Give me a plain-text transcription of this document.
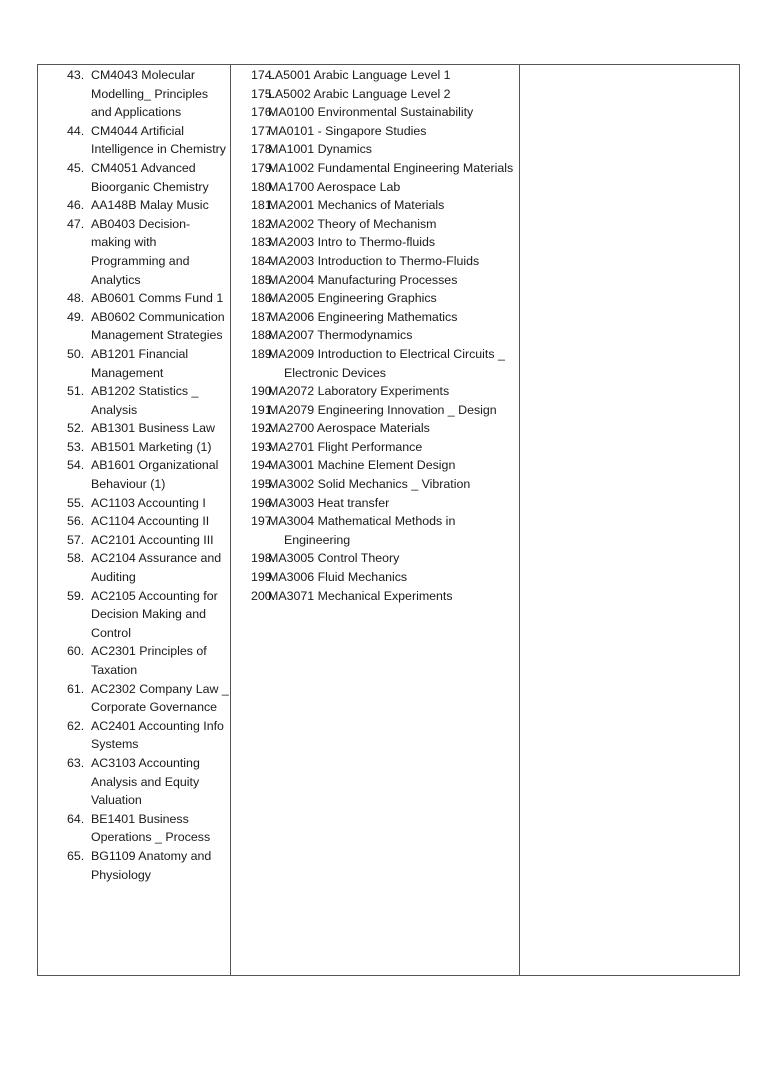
43. CM4043 Molecular Modelling_ Principles and Applications
44. CM4044 Artificial Intelligence in Chemistry
45. CM4051 Advanced Bioorganic Chemistry
46. AA148B Malay Music
47. AB0403 Decision-making with Programming and Analytics
48. AB0601 Comms Fund 1
49. AB0602 Communication Management Strategies
50. AB1201 Financial Management
51. AB1202 Statistics _ Analysis
52. AB1301 Business Law
53. AB1501 Marketing (1)
54. AB1601 Organizational Behaviour (1)
55. AC1103 Accounting I
56. AC1104 Accounting II
57. AC2101 Accounting III
58. AC2104 Assurance and Auditing
59. AC2105 Accounting for Decision Making and Control
60. AC2301 Principles of Taxation
61. AC2302 Company Law _ Corporate Governance
62. AC2401 Accounting Info Systems
63. AC3103 Accounting Analysis and Equity Valuation
64. BE1401 Business Operations _ Process
65. BG1109 Anatomy and Physiology

174.
LA5001 Arabic Language Level 1
175.
LA5002 Arabic Language Level 2
176.
MA0100 Environmental Sustainability
177.
MA0101 - Singapore Studies
178.
MA1001 Dynamics
179.
MA1002 Fundamental Engineering Materials
180.
MA1700 Aerospace Lab
181.
MA2001 Mechanics of Materials
182.
MA2002 Theory of Mechanism
183.
MA2003 Intro to Thermo-fluids
184.
MA2003 Introduction to Thermo-Fluids
185.
MA2004 Manufacturing Processes
186.
MA2005 Engineering Graphics
187.
MA2006 Engineering Mathematics
188.
MA2007 Thermodynamics
189.
MA2009 Introduction to Electrical Circuits _ Electronic Devices
190.
MA2072 Laboratory Experiments
191.
MA2079 Engineering Innovation _ Design
192.
MA2700 Aerospace Materials
193.
MA2701 Flight Performance
194.
MA3001 Machine Element Design
195.
MA3002 Solid Mechanics _ Vibration
196.
MA3003 Heat transfer
197.
MA3004 Mathematical Methods in Engineering
198.
MA3005 Control Theory
199.
MA3006 Fluid Mechanics
200.
MA3071 Mechanical Experiments
